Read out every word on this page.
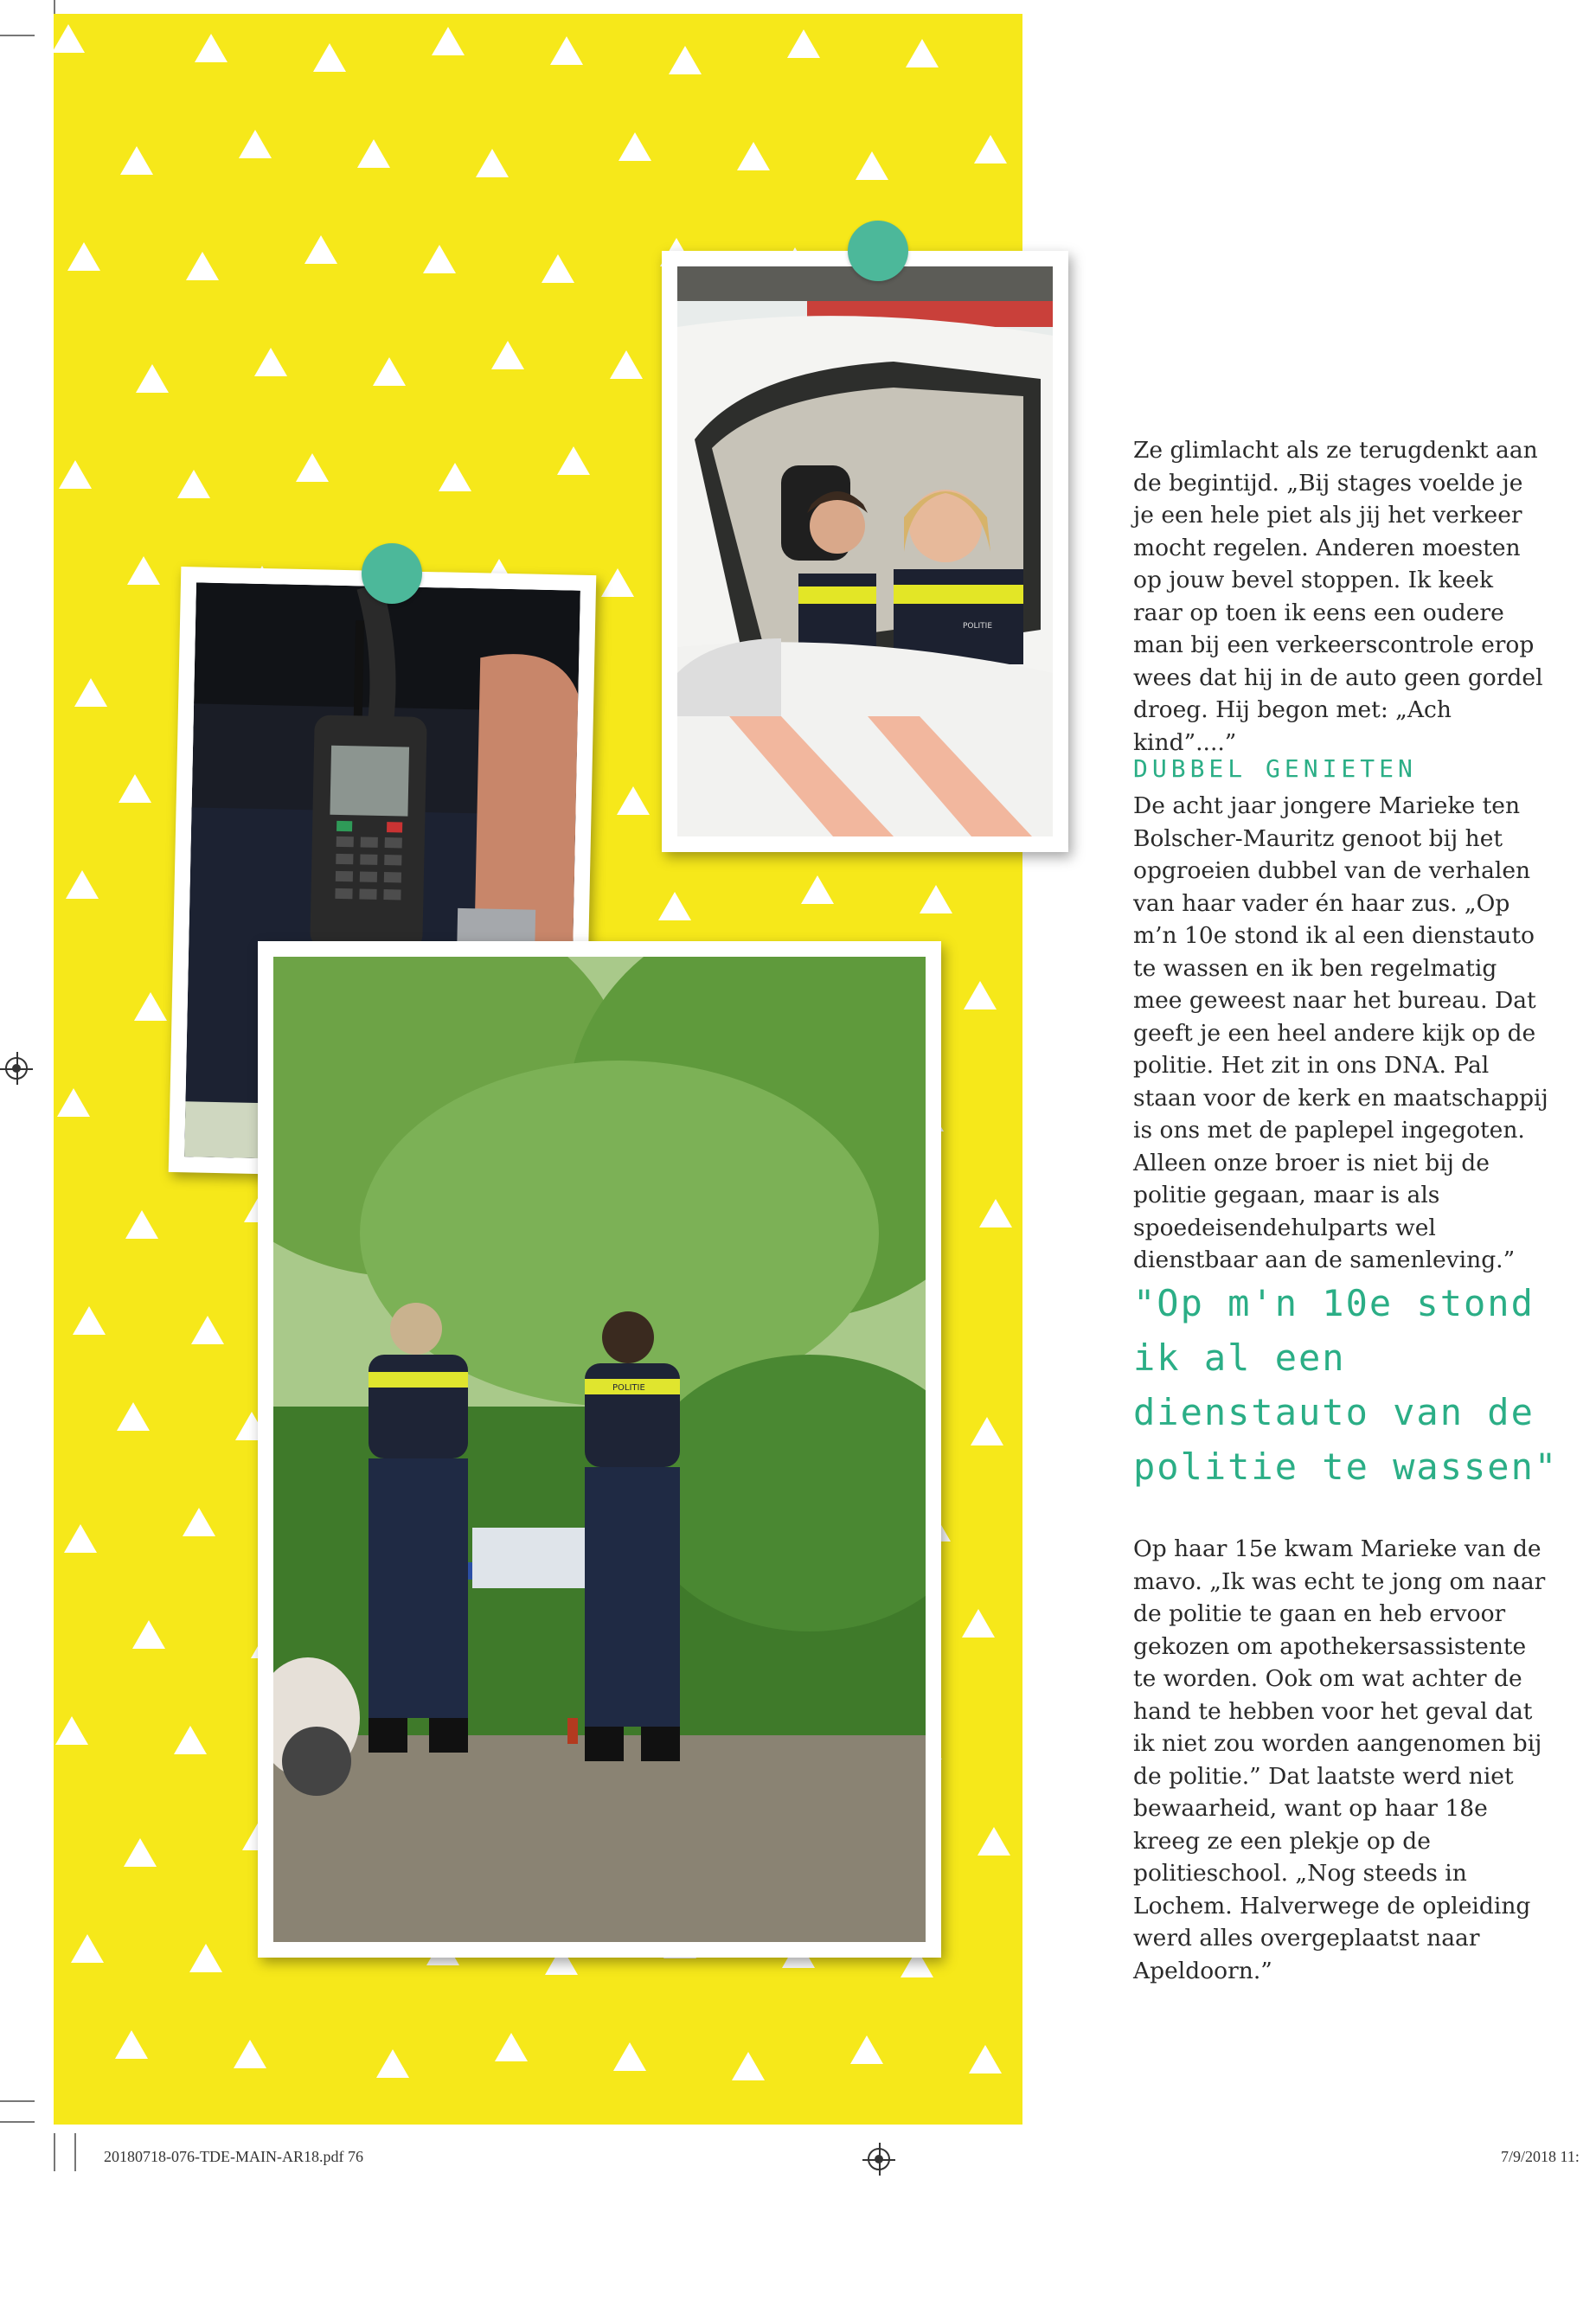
POLITIE
POLITIE
Ze glimlacht als ze terugdenkt aan de begintijd. „Bij stages voelde je je een hele piet als jij het verkeer mocht regelen. Anderen moesten op jouw bevel stoppen. Ik keek raar op toen ik eens een oudere man bij een verkeerscontrole erop wees dat hij in de auto geen gordel droeg. Hij begon met: „Ach kind”....”
DUBBEL GENIETEN
De acht jaar jongere Marieke ten Bolscher-Mauritz genoot bij het opgroeien dubbel van de verhalen van haar vader én haar zus. „Op m’n 10e stond ik al een dienstauto te wassen en ik ben regelmatig mee geweest naar het bureau. Dat geeft je een heel andere kijk op de politie. Het zit in ons DNA. Pal staan voor de kerk en maatschappij is ons met de paplepel ingegoten. Alleen onze broer is niet bij de politie gegaan, maar is als spoedeisendehulparts wel dienstbaar aan de samenleving.”
"Op m'n 10e stond ik al een dienstauto van de politie te wassen"
Op haar 15e kwam Marieke van de mavo. „Ik was echt te jong om naar de politie te gaan en heb ervoor gekozen om apothekersassistente te worden. Ook om wat achter de hand te hebben voor het geval dat ik niet zou worden aangenomen bij de politie.” Dat laatste werd niet bewaarheid, want op haar 18e kreeg ze een plekje op de politieschool. „Nog steeds in Lochem. Halverwege de opleiding werd alles overgeplaatst naar Apeldoorn.”
20180718-076-TDE-MAIN-AR18.pdf 76	7/9/2018 11:
